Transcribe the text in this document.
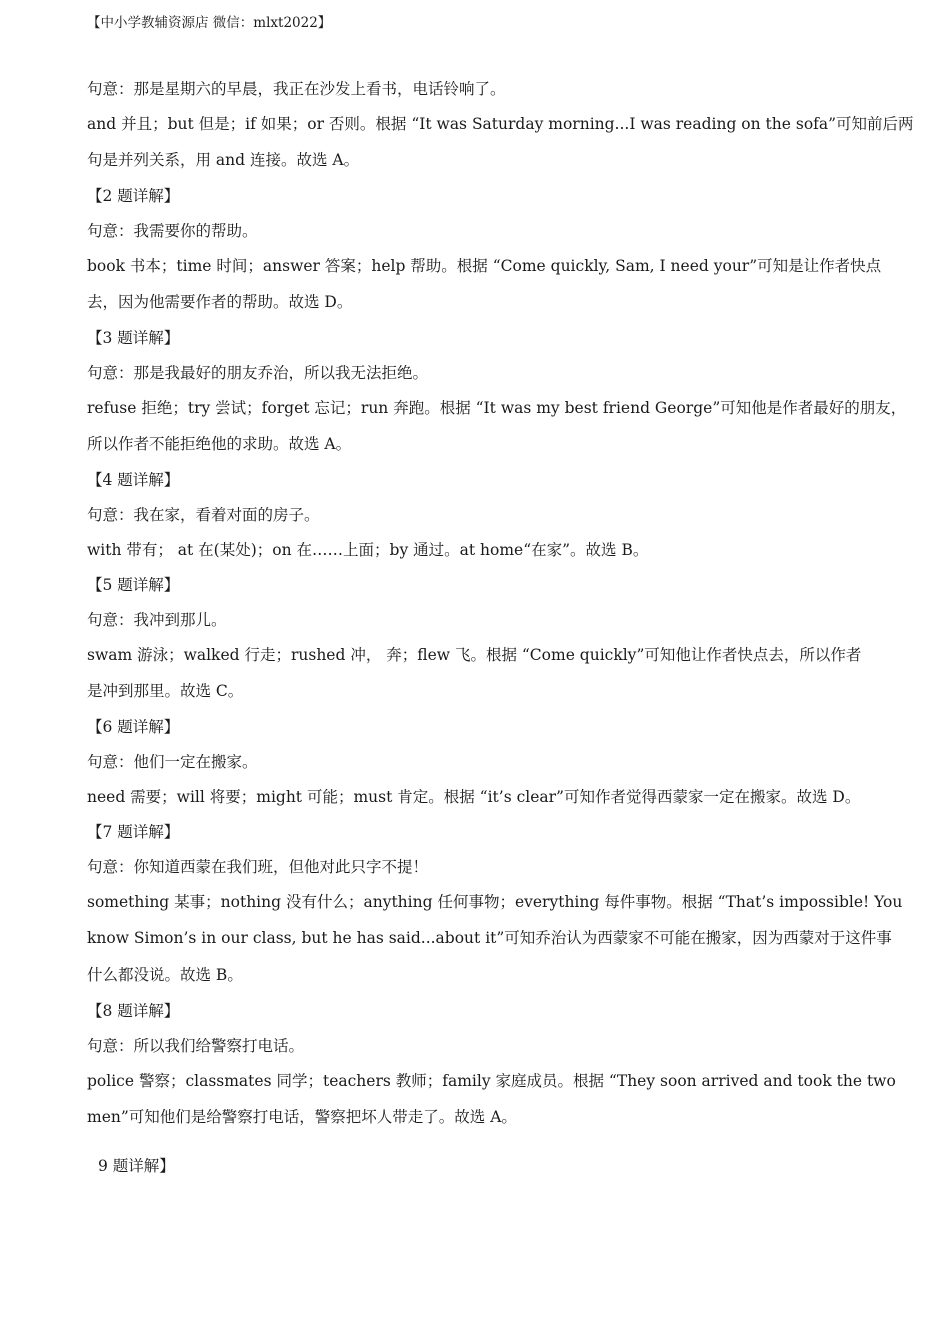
【中小学教辅资源店 微信：mlxt2022】
句意：那是星期六的早晨，我正在沙发上看书，电话铃响了。
and 并且；but 但是；if 如果；or 否则。根据 “It was Saturday morning...I was reading on the sofa”可知前后两
句是并列关系，用 and 连接。故选 A。
【2 题详解】
句意：我需要你的帮助。
book 书本；time 时间；answer 答案；help 帮助。根据 “Come quickly, Sam, I need your”可知是让作者快点
去，因为他需要作者的帮助。故选 D。
【3 题详解】
句意：那是我最好的朋友乔治，所以我无法拒绝。
refuse 拒绝；try 尝试；forget 忘记；run 奔跑。根据 “It was my best friend George”可知他是作者最好的朋友，
所以作者不能拒绝他的求助。故选 A。
【4 题详解】
句意：我在家，看着对面的房子。
with 带有； at 在(某处)；on 在……上面；by 通过。at home“在家”。故选 B。
【5 题详解】
句意：我冲到那儿。
swam 游泳；walked 行走；rushed 冲， 奔；flew 飞。根据 “Come quickly”可知他让作者快点去，所以作者
是冲到那里。故选 C。
【6 题详解】
句意：他们一定在搬家。
need 需要；will 将要；might 可能；must 肯定。根据 “it’s clear”可知作者觉得西蒙家一定在搬家。故选 D。
【7 题详解】
句意：你知道西蒙在我们班，但他对此只字不提！
something 某事；nothing 没有什么；anything 任何事物；everything 每件事物。根据 “That’s impossible! You
know Simon’s in our class, but he has said...about it”可知乔治认为西蒙家不可能在搬家，因为西蒙对于这件事
什么都没说。故选 B。
【8 题详解】
句意：所以我们给警察打电话。
police 警察；classmates 同学；teachers 教师；family 家庭成员。根据 “They soon arrived and took the two
men”可知他们是给警察打电话，警察把坏人带走了。故选 A。
9 题详解】
